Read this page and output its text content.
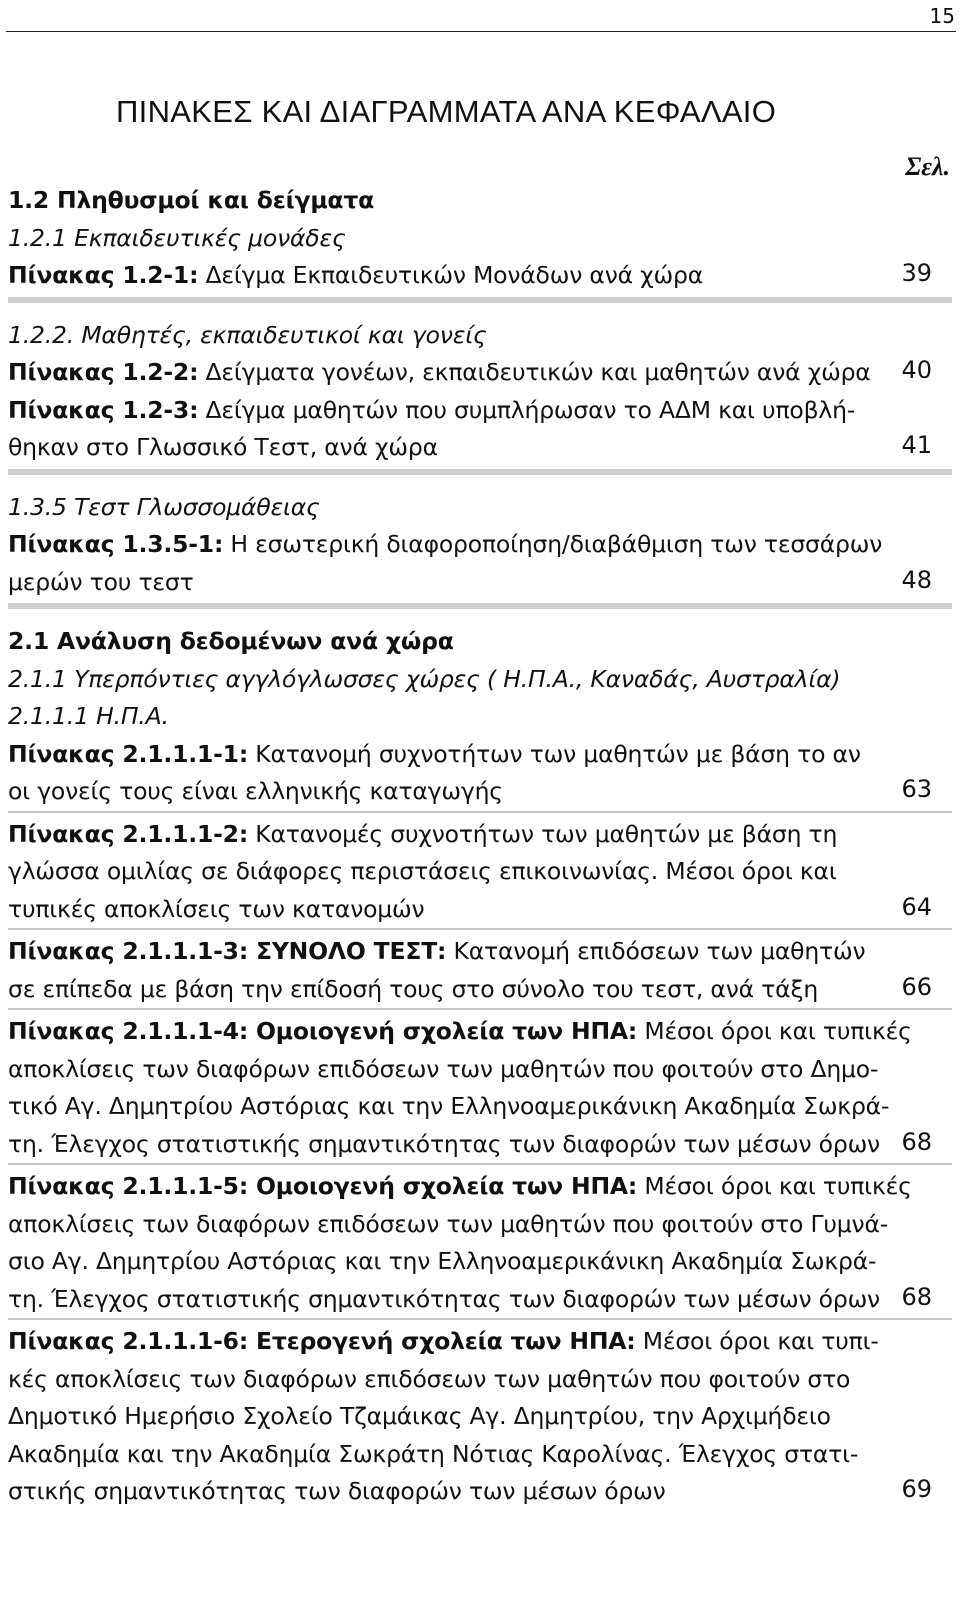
15
ΠΙΝΑΚΕΣ ΚΑΙ ΔΙΑΓΡΑΜΜΑΤΑ ΑΝΑ ΚΕΦΑΛΑΙΟ
Σελ.
1.2 Πληθυσμοί και δείγματα
1.2.1 Εκπαιδευτικές μονάδες
Πίνακας 1.2-1: Δείγμα Εκπαιδευτικών Μονάδων ανά χώρα	39
1.2.2. Μαθητές, εκπαιδευτικοί και γονείς
Πίνακας 1.2-2: Δείγματα γονέων, εκπαιδευτικών και μαθητών ανά χώρα	40
Πίνακας 1.2-3: Δείγμα μαθητών που συμπλήρωσαν το ΑΔΜ και υποβλή-
θηκαν στο Γλωσσικό Τεστ, ανά χώρα	41
1.3.5 Τεστ Γλωσσομάθειας
Πίνακας 1.3.5-1: Η εσωτερική διαφοροποίηση/διαβάθμιση των τεσσάρων
μερών του τεστ	48
2.1 Ανάλυση δεδομένων ανά χώρα
2.1.1 Υπερπόντιες αγγλόγλωσσες χώρες ( Η.Π.Α., Καναδάς, Αυστραλία)
2.1.1.1 Η.Π.Α.
Πίνακας 2.1.1.1-1: Κατανομή συχνοτήτων των μαθητών με βάση το αν
οι γονείς τους είναι ελληνικής καταγωγής	63
Πίνακας 2.1.1.1-2: Κατανομές συχνοτήτων των μαθητών με βάση τη
γλώσσα ομιλίας σε διάφορες περιστάσεις επικοινωνίας. Μέσοι όροι και
τυπικές αποκλίσεις των κατανομών	64
Πίνακας 2.1.1.1-3: ΣΥΝΟΛΟ ΤΕΣΤ: Κατανομή επιδόσεων των μαθητών
σε επίπεδα με βάση την επίδοσή τους στο σύνολο του τεστ, ανά τάξη	66
Πίνακας 2.1.1.1-4: Ομοιογενή σχολεία των ΗΠΑ: Μέσοι όροι και τυπικές
αποκλίσεις των διαφόρων επιδόσεων των μαθητών που φοιτούν στο Δημο-
τικό Αγ. Δημητρίου Αστόριας και την Ελληνοαμερικάνικη Ακαδημία Σωκρά-
τη. Έλεγχος στατιστικής σημαντικότητας των διαφορών των μέσων όρων 68
Πίνακας 2.1.1.1-5: Ομοιογενή σχολεία των ΗΠΑ: Μέσοι όροι και τυπικές
αποκλίσεις των διαφόρων επιδόσεων των μαθητών που φοιτούν στο Γυμνά-
σιο Αγ. Δημητρίου Αστόριας και την Ελληνοαμερικάνικη Ακαδημία Σωκρά-
τη. Έλεγχος στατιστικής σημαντικότητας των διαφορών των μέσων όρων 68
Πίνακας 2.1.1.1-6: Ετερογενή σχολεία των ΗΠΑ: Μέσοι όροι και τυπι-
κές αποκλίσεις των διαφόρων επιδόσεων των μαθητών που φοιτούν στο
Δημοτικό Ημερήσιο Σχολείο Τζαμάικας Αγ. Δημητρίου, την Αρχιμήδειο
Ακαδημία και την Ακαδημία Σωκράτη Νότιας Καρολίνας. Έλεγχος στατι-
στικής σημαντικότητας των διαφορών των μέσων όρων	69
